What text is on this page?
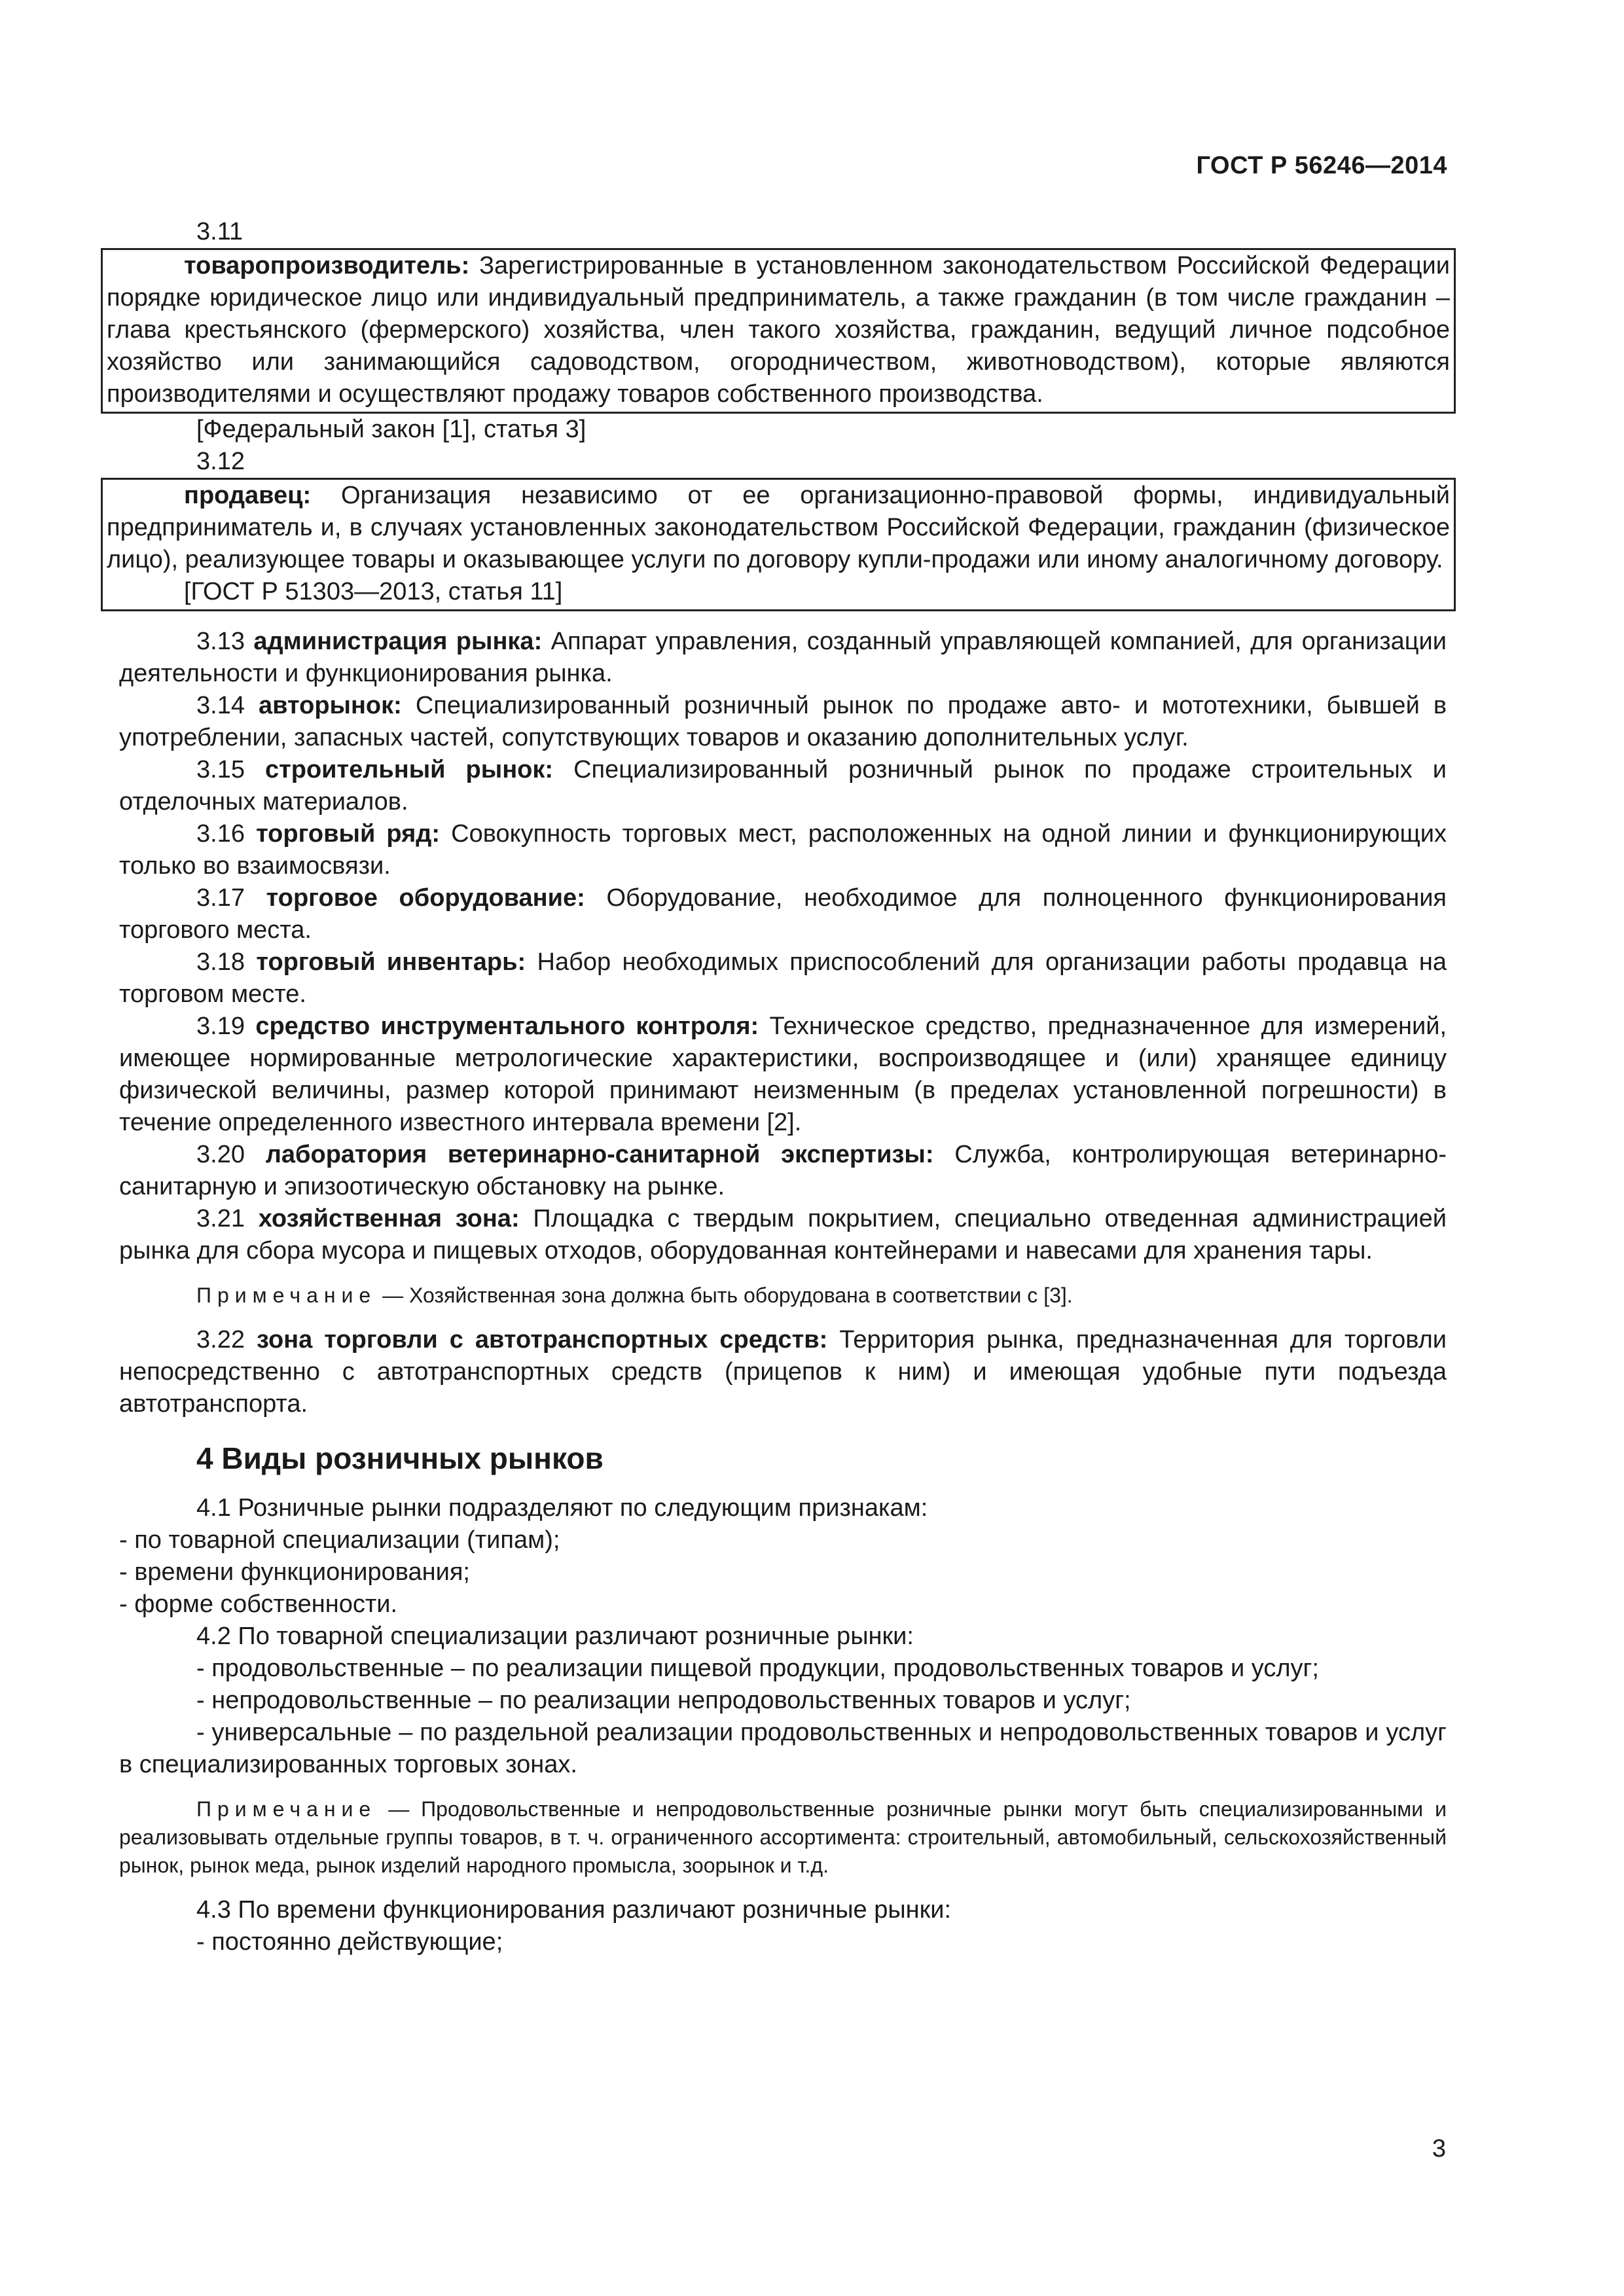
ГОСТ Р 56246—2014

3.11

товаропроизводитель: Зарегистрированные в установленном законодательством Российской Федерации порядке юридическое лицо или индивидуальный предприниматель, а также гражданин (в том числе гражданин – глава крестьянского (фермерского) хозяйства, член такого хозяйства, гражданин, ведущий личное подсобное хозяйство или занимающийся садоводством, огородничеством, животноводством), которые являются производителями и осуществляют продажу товаров собственного производства.

[Федеральный закон [1], статья 3]

3.12

продавец: Организация независимо от ее организационно-правовой формы, индивидуальный предприниматель и, в случаях установленных законодательством Российской Федерации, гражданин (физическое лицо), реализующее товары и оказывающее услуги по договору купли-продажи или иному аналогичному договору.

[ГОСТ Р 51303—2013, статья 11]

3.13 администрация рынка: Аппарат управления, созданный управляющей компанией, для организации деятельности и функционирования рынка.

3.14 авторынок: Специализированный розничный рынок по продаже авто- и мототехники, бывшей в употреблении, запасных частей, сопутствующих товаров и оказанию дополнительных услуг.

3.15 строительный рынок: Специализированный розничный рынок по продаже строительных и отделочных материалов.

3.16 торговый ряд: Совокупность торговых мест, расположенных на одной линии и функционирующих только во взаимосвязи.

3.17 торговое оборудование: Оборудование, необходимое для полноценного функционирования торгового места.

3.18 торговый инвентарь: Набор необходимых приспособлений для организации работы продавца на торговом месте.

3.19 средство инструментального контроля: Техническое средство, предназначенное для измерений, имеющее нормированные метрологические характеристики, воспроизводящее и (или) хранящее единицу физической величины, размер которой принимают неизменным (в пределах установленной погрешности) в течение определенного известного интервала времени [2].

3.20 лаборатория ветеринарно-санитарной экспертизы: Служба, контролирующая ветеринарно-санитарную и эпизоотическую обстановку на рынке.

3.21 хозяйственная зона: Площадка с твердым покрытием, специально отведенная администрацией рынка для сбора мусора и пищевых отходов, оборудованная контейнерами и навесами для хранения тары.

Примечание — Хозяйственная зона должна быть оборудована в соответствии с [3].

3.22 зона торговли с автотранспортных средств: Территория рынка, предназначенная для торговли непосредственно с автотранспортных средств (прицепов к ним) и имеющая удобные пути подъезда автотранспорта.

4 Виды розничных рынков

4.1 Розничные рынки подразделяют по следующим признакам:

- по товарной специализации (типам);

- времени функционирования;

- форме собственности.

4.2 По товарной специализации различают розничные рынки:

- продовольственные – по реализации пищевой продукции, продовольственных товаров и услуг;

- непродовольственные – по реализации непродовольственных товаров и услуг;

- универсальные – по раздельной реализации продовольственных и непродовольственных товаров и услуг в специализированных торговых зонах.

Примечание — Продовольственные и непродовольственные розничные рынки могут быть специализированными и реализовывать отдельные группы товаров, в т. ч. ограниченного ассортимента: строительный, автомобильный, сельскохозяйственный рынок, рынок меда, рынок изделий народного промысла, зоорынок и т.д.

4.3 По времени функционирования различают розничные рынки:

- постоянно действующие;

3
